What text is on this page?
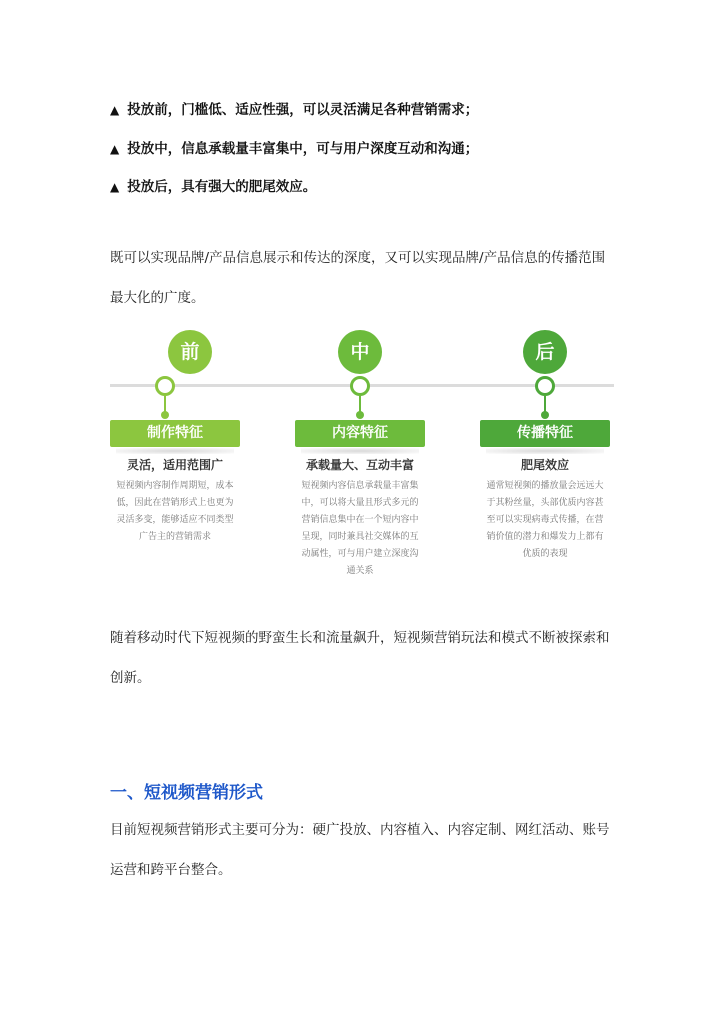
▲ 投放前，门槛低、适应性强，可以灵活满足各种营销需求；
▲ 投放中，信息承载量丰富集中，可与用户深度互动和沟通；
▲ 投放后，具有强大的肥尾效应。
既可以实现品牌/产品信息展示和传达的深度，又可以实现品牌/产品信息的传播范围最大化的广度。
前
制作特征
灵活，适用范围广
短视频内容制作周期短，成本低，因此在营销形式上也更为灵活多变，能够适应不同类型广告主的营销需求
中
内容特征
承载量大、互动丰富
短视频内容信息承载量丰富集中，可以将大量且形式多元的营销信息集中在一个短内容中呈现，同时兼具社交媒体的互动属性，可与用户建立深度沟通关系
后
传播特征
肥尾效应
通常短视频的播放量会远远大于其粉丝量，头部优质内容甚至可以实现病毒式传播，在营销价值的潜力和爆发力上都有优质的表现
随着移动时代下短视频的野蛮生长和流量飙升，短视频营销玩法和模式不断被探索和创新。
一、短视频营销形式
目前短视频营销形式主要可分为：硬广投放、内容植入、内容定制、网红活动、账号运营和跨平台整合。
